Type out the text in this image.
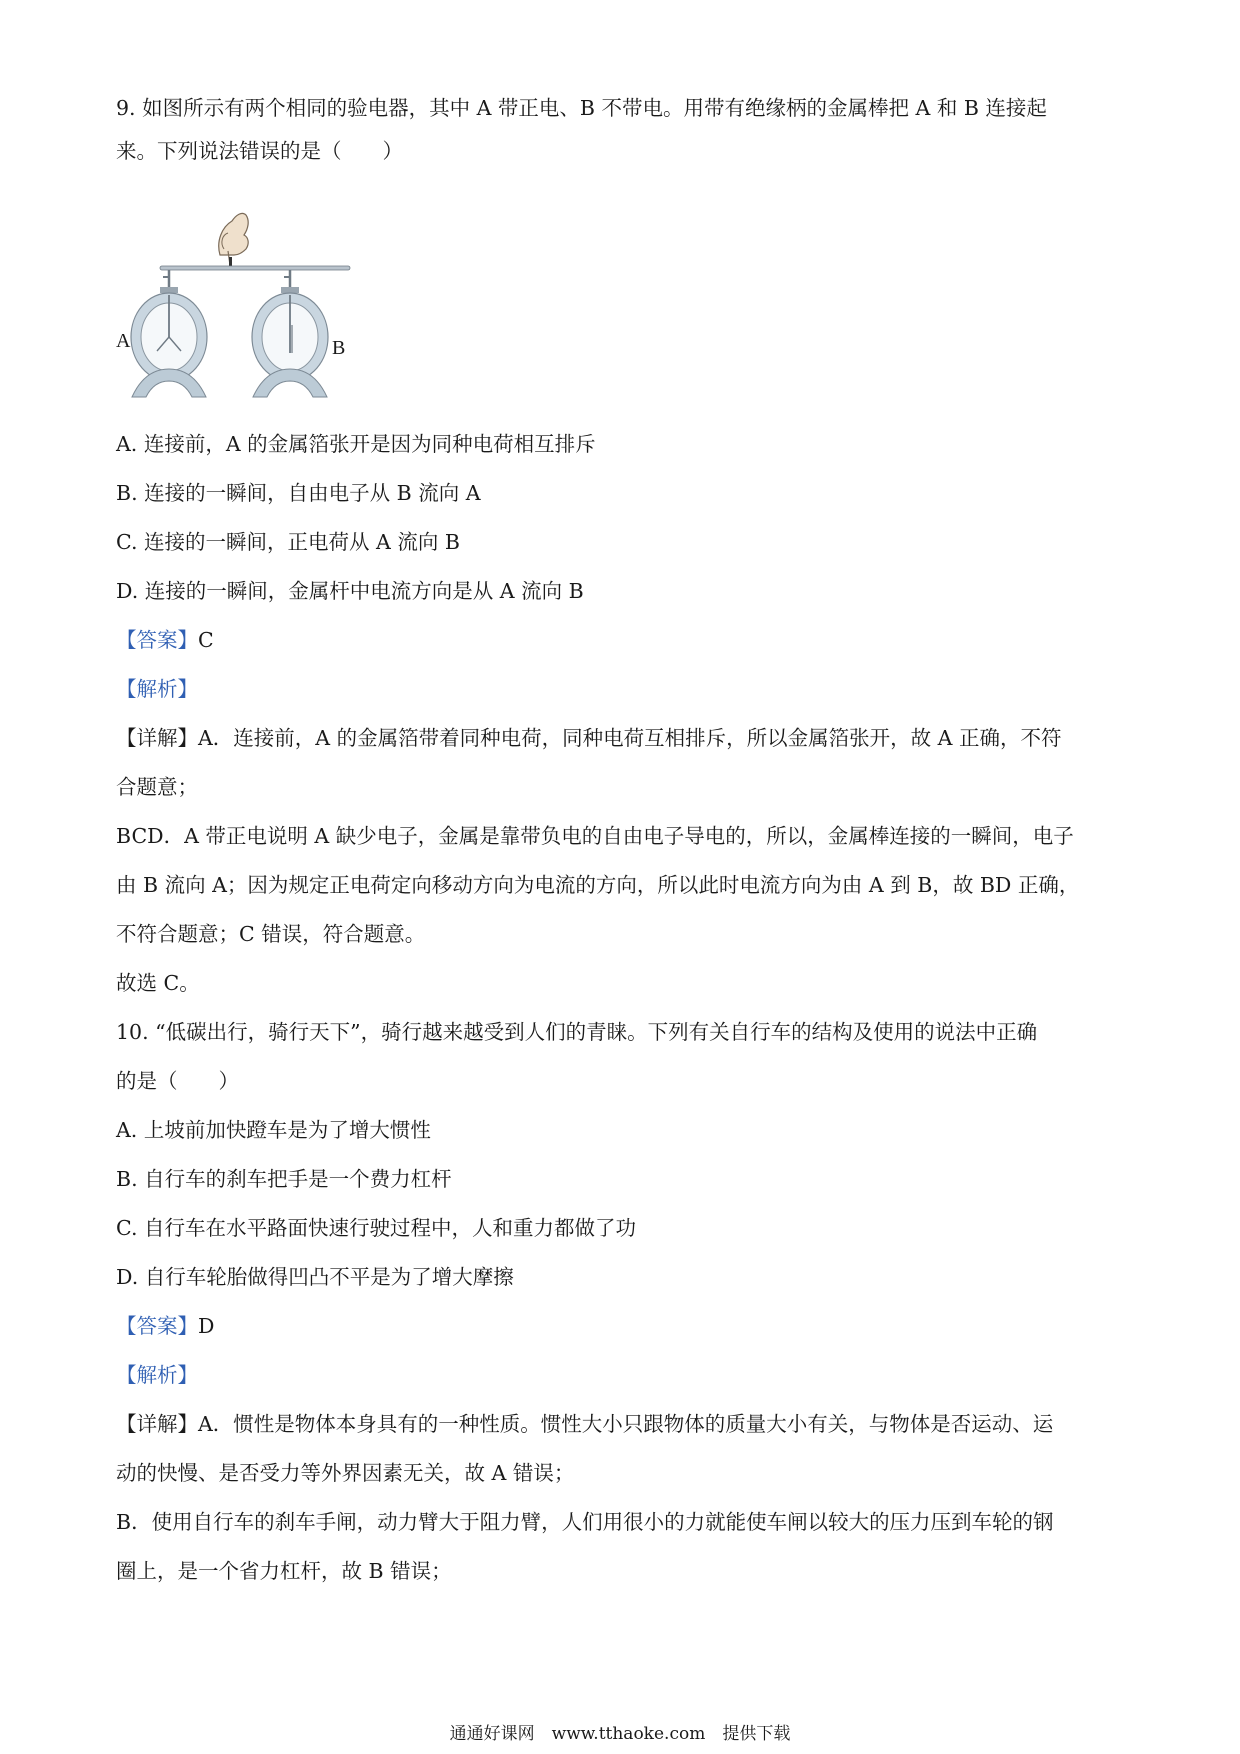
9. 如图所示有两个相同的验电器，其中 A 带正电、B 不带电。用带有绝缘柄的金属棒把 A 和 B 连接起
来。下列说法错误的是（　　）
A	B
A. 连接前，A 的金属箔张开是因为同种电荷相互排斥
B. 连接的一瞬间，自由电子从 B 流向 A
C. 连接的一瞬间，正电荷从 A 流向 B
D. 连接的一瞬间，金属杆中电流方向是从 A 流向 B
【答案】C
【解析】
【详解】A．连接前，A 的金属箔带着同种电荷，同种电荷互相排斥，所以金属箔张开，故 A 正确，不符
合题意；
BCD．A 带正电说明 A 缺少电子，金属是靠带负电的自由电子导电的，所以，金属棒连接的一瞬间，电子
由 B 流向 A；因为规定正电荷定向移动方向为电流的方向，所以此时电流方向为由 A 到 B，故 BD 正确，
不符合题意；C 错误，符合题意。
故选 C。
10. “低碳出行，骑行天下”，骑行越来越受到人们的青睐。下列有关自行车的结构及使用的说法中正确
的是（　　）
A. 上坡前加快蹬车是为了增大惯性
B. 自行车的刹车把手是一个费力杠杆
C. 自行车在水平路面快速行驶过程中，人和重力都做了功
D. 自行车轮胎做得凹凸不平是为了增大摩擦
【答案】D
【解析】
【详解】A．惯性是物体本身具有的一种性质。惯性大小只跟物体的质量大小有关，与物体是否运动、运
动的快慢、是否受力等外界因素无关，故 A 错误；
B．使用自行车的刹车手闸，动力臂大于阻力臂，人们用很小的力就能使车闸以较大的压力压到车轮的钢
圈上，是一个省力杠杆，故 B 错误；
通通好课网　www.tthaoke.com　提供下载
